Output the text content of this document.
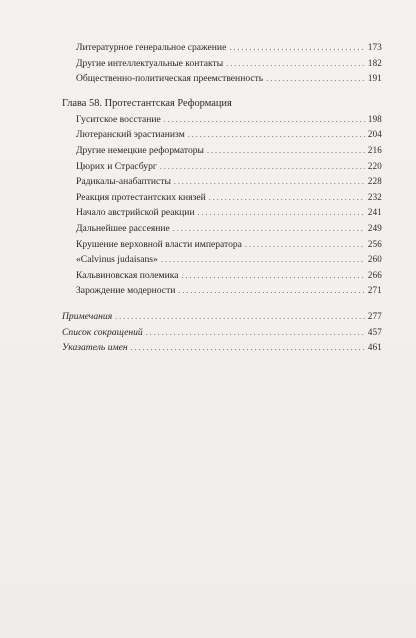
Литературное генеральное сражение . . .	173
Другие интеллектуальные контакты . . .	182
Общественно-политическая преемственность . . .	191
Глава 58. Протестантская Реформация
Гуситское восстание . . .	198
Лютеранский эрастианизм . . .	204
Другие немецкие реформаторы . . .	216
Цюрих и Страсбург . . .	220
Радикалы-анабаптисты . . .	228
Реакция протестантских князей . . .	232
Начало австрийской реакции . . .	241
Дальнейшее рассеяние . . .	249
Крушение верховной власти императора . . .	256
«Calvinus judaisans» . . .	260
Кальвиновская полемика . . .	266
Зарождение модерности . . .	271
Примечания . . .	277
Список сокращений . . .	457
Указатель имен . . .	461
